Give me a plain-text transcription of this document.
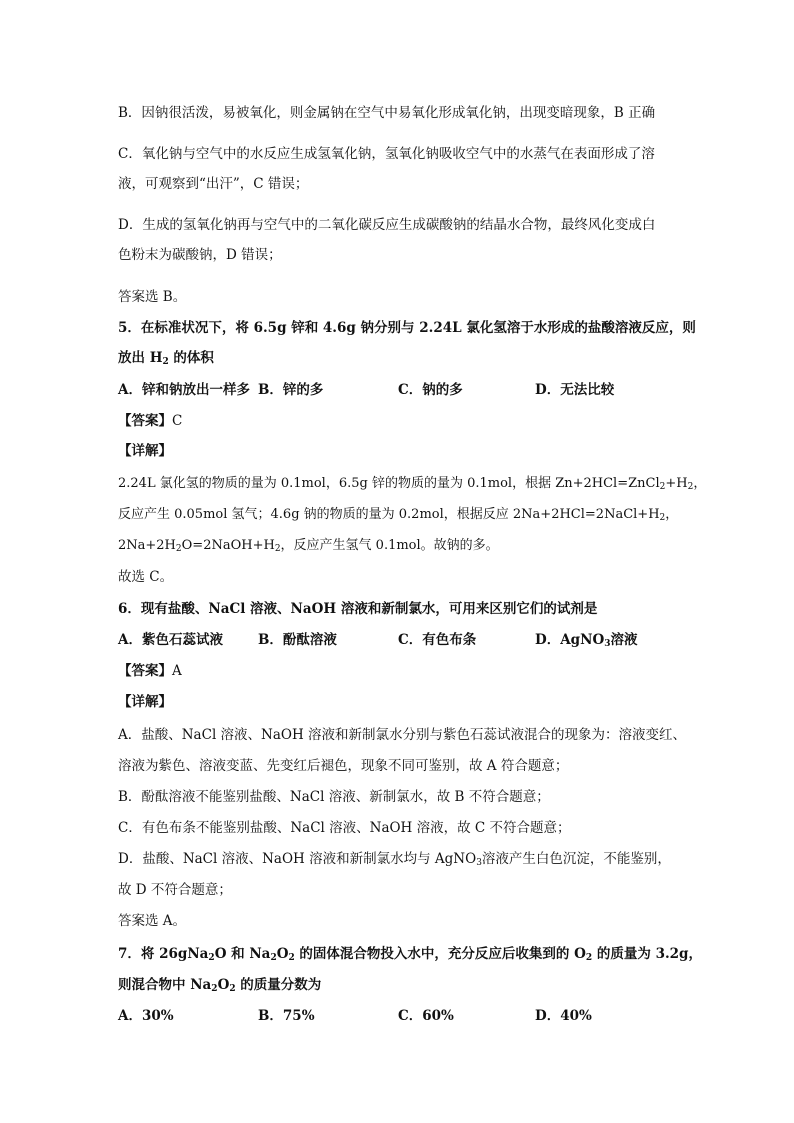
B．因钠很活泼，易被氧化，则金属钠在空气中易氧化形成氧化钠，出现变暗现象，B 正确
C．氧化钠与空气中的水反应生成氢氧化钠，氢氧化钠吸收空气中的水蒸气在表面形成了溶
液，可观察到“出汗”，C 错误；
D．生成的氢氧化钠再与空气中的二氧化碳反应生成碳酸钠的结晶水合物，最终风化变成白
色粉末为碳酸钠，D 错误；
答案选 B。
5．在标准状况下，将 6.5g 锌和 4.6g 钠分别与 2.24L 氯化氢溶于水形成的盐酸溶液反应，则
放出 $H_2$ 的体积
A．锌和钠放出一样多 B．锌的多	C．钠的多	D．无法比较
【答案】C
【详解】
2.24L 氯化氢的物质的量为 0.1mol，6.5g 锌的物质的量为 0.1mol，根据 $Zn+2HCl=ZnCl_2+H_2$，
反应产生 0.05mol 氢气；4.6g 钠的物质的量为 0.2mol，根据反应 $2Na+2HCl=2NaCl+H_2$，
$2Na+2H_2O=2NaOH+H_2$，反应产生氢气 0.1mol。故钠的多。
故选 C。
6．现有盐酸、NaCl 溶液、NaOH 溶液和新制氯水，可用来区别它们的试剂是
A．紫色石蕊试液	B．酚酞溶液	C．有色布条	D．AgNO$_3$溶液
【答案】A
【详解】
A．盐酸、NaCl 溶液、NaOH 溶液和新制氯水分别与紫色石蕊试液混合的现象为：溶液变红、
溶液为紫色、溶液变蓝、先变红后褪色，现象不同可鉴别，故 A 符合题意；
B．酚酞溶液不能鉴别盐酸、NaCl 溶液、新制氯水，故 B 不符合题意；
C．有色布条不能鉴别盐酸、NaCl 溶液、NaOH 溶液，故 C 不符合题意；
D．盐酸、NaCl 溶液、NaOH 溶液和新制氯水均与 AgNO$_3$溶液产生白色沉淀，不能鉴别，
故 D 不符合题意；
答案选 A。
7．将 26gNa$_2$O 和 $Na_2O_2$ 的固体混合物投入水中，充分反应后收集到的 $O_2$ 的质量为 3.2g，
则混合物中 $Na_2O_2$ 的质量分数为
A．30%	B．75%	C．60%	D．40%
